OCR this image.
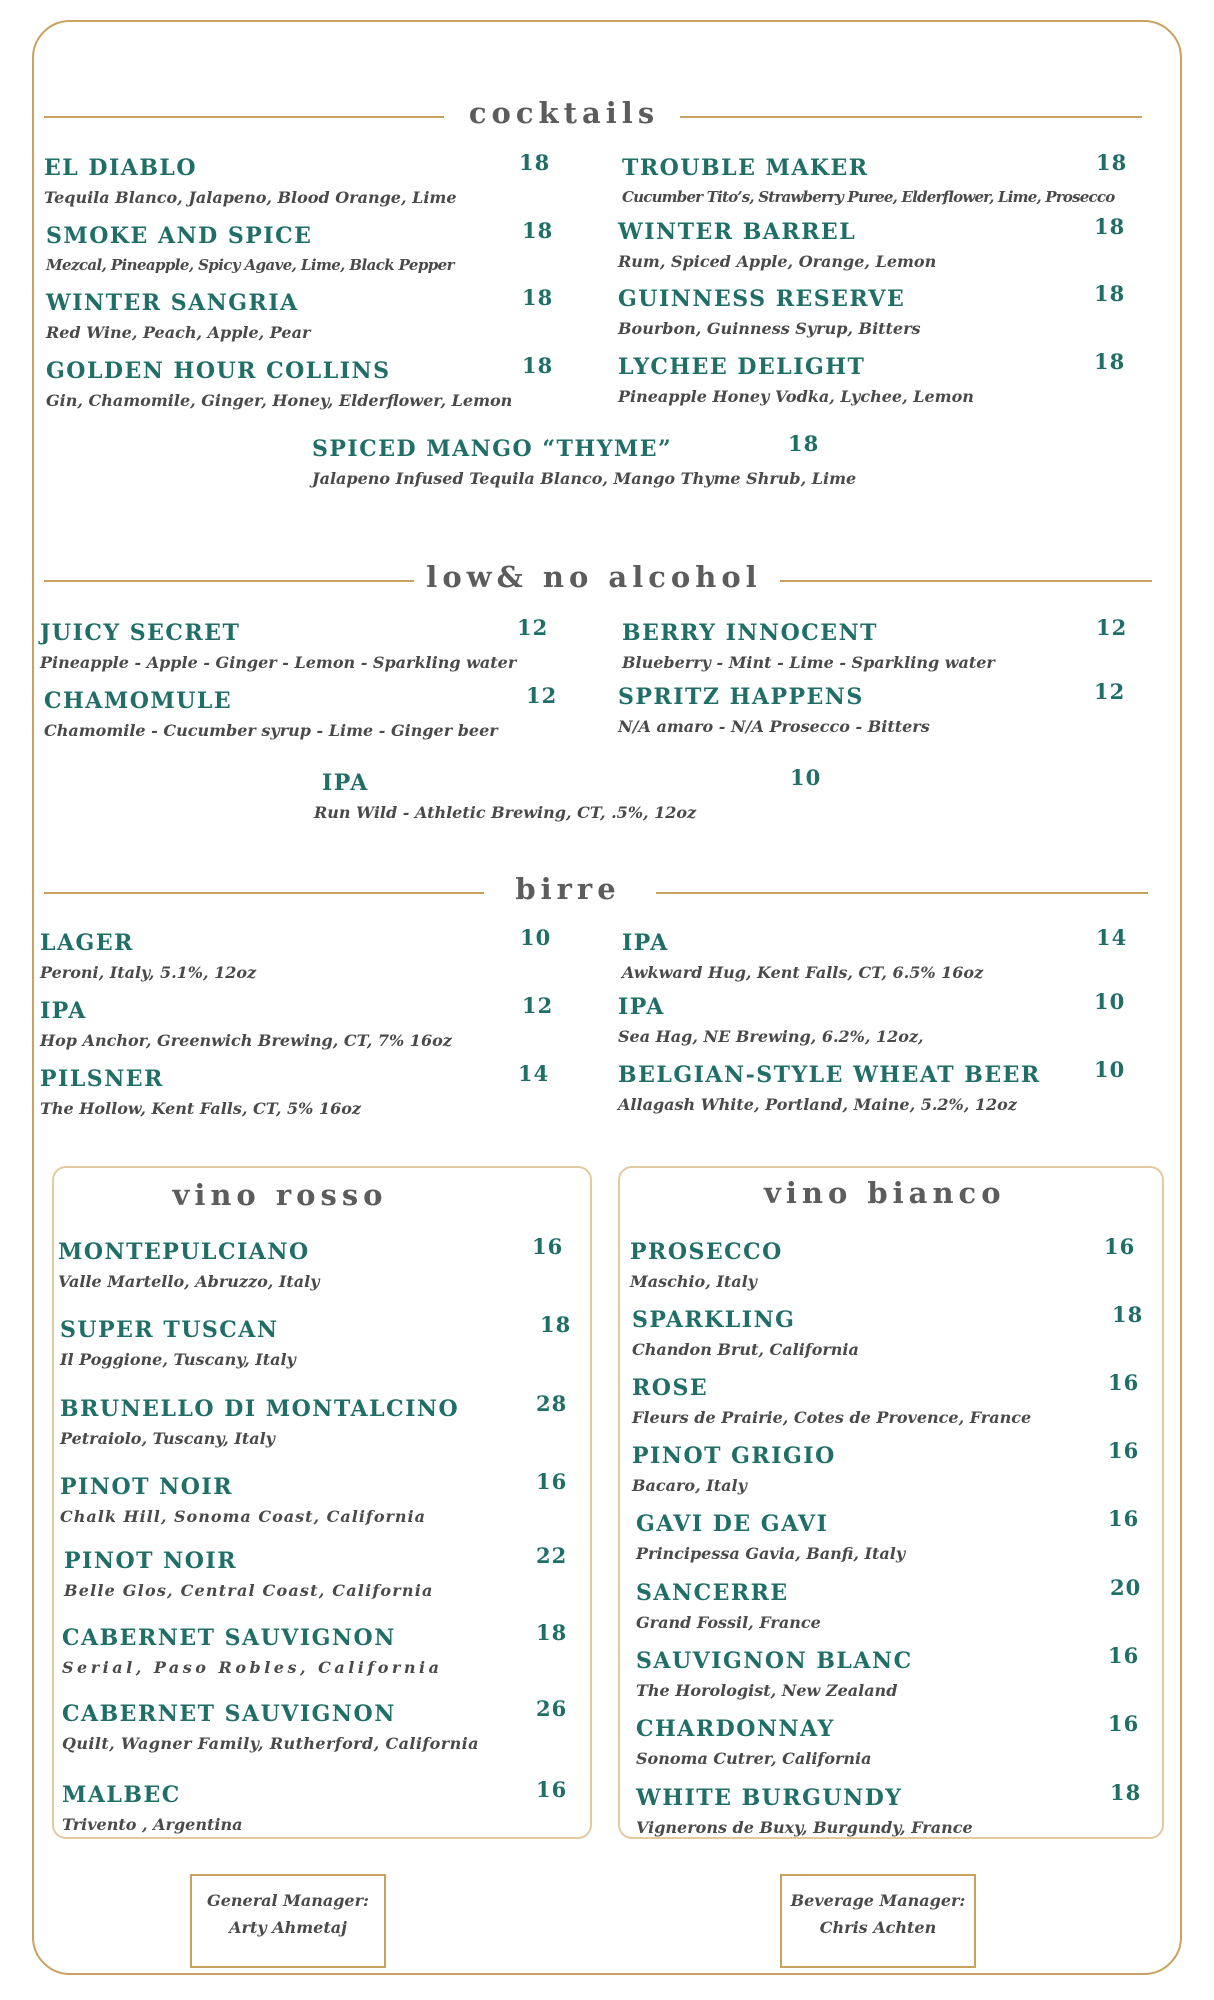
cocktails
EL DIABLO	18
Tequila Blanco, Jalapeno, Blood Orange, Lime
SMOKE AND SPICE	18
Mezcal, Pineapple, Spicy Agave, Lime, Black Pepper
WINTER SANGRIA	18
Red Wine, Peach, Apple, Pear
GOLDEN HOUR COLLINS	18
Gin, Chamomile, Ginger, Honey, Elderflower, Lemon
TROUBLE MAKER	18
Cucumber Tito’s, Strawberry Puree, Elderflower, Lime, Prosecco
WINTER BARREL	18
Rum, Spiced Apple, Orange, Lemon
GUINNESS RESERVE	18
Bourbon, Guinness Syrup, Bitters
LYCHEE DELIGHT	18
Pineapple Honey Vodka, Lychee, Lemon
SPICED MANGO “THYME”	18
Jalapeno Infused Tequila Blanco, Mango Thyme Shrub, Lime
low& no alcohol
JUICY SECRET	12
Pineapple - Apple - Ginger - Lemon - Sparkling water
CHAMOMULE	12
Chamomile - Cucumber syrup - Lime - Ginger beer
BERRY INNOCENT	12
Blueberry - Mint - Lime - Sparkling water
SPRITZ HAPPENS	12
N/A amaro - N/A Prosecco - Bitters
IPA	10
Run Wild - Athletic Brewing, CT, .5%, 12oz
birre
LAGER	10
Peroni, Italy, 5.1%, 12oz
IPA	12
Hop Anchor, Greenwich Brewing, CT, 7% 16oz
PILSNER	14
The Hollow, Kent Falls, CT, 5% 16oz
IPA	14
Awkward Hug, Kent Falls, CT, 6.5% 16oz
IPA	10
Sea Hag, NE Brewing, 6.2%, 12oz,
BELGIAN-STYLE WHEAT BEER	10
Allagash White, Portland, Maine, 5.2%, 12oz
vino rosso
MONTEPULCIANO	16
Valle Martello, Abruzzo, Italy
SUPER TUSCAN	18
Il Poggione, Tuscany, Italy
BRUNELLO DI MONTALCINO	28
Petraiolo, Tuscany, Italy
PINOT NOIR	16
Chalk Hill, Sonoma Coast, California
PINOT NOIR	22
Belle Glos, Central Coast, California
CABERNET SAUVIGNON	18
Serial, Paso Robles, California
CABERNET SAUVIGNON	26
Quilt, Wagner Family, Rutherford, California
MALBEC	16
Trivento , Argentina
vino bianco
PROSECCO	16
Maschio, Italy
SPARKLING	18
Chandon Brut, California
ROSE	16
Fleurs de Prairie, Cotes de Provence, France
PINOT GRIGIO	16
Bacaro, Italy
GAVI DE GAVI	16
Principessa Gavia, Banfi, Italy
SANCERRE	20
Grand Fossil, France
SAUVIGNON BLANC	16
The Horologist, New Zealand
CHARDONNAY	16
Sonoma Cutrer, California
WHITE BURGUNDY	18
Vignerons de Buxy, Burgundy, France
General Manager:
Arty Ahmetaj
Beverage Manager:
Chris Achten
